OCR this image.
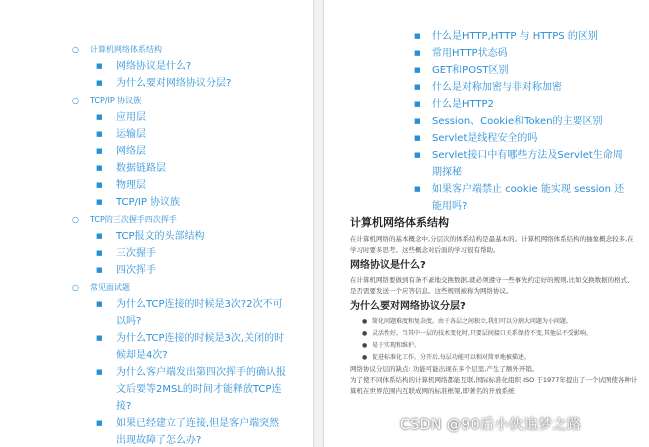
○ 计算机网络体系结构
■ 网络协议是什么?
■ 为什么要对网络协议分层?
○ TCP/IP 协议族
■ 应用层
■ 运输层
■ 网络层
■ 数据链路层
■ 物理层
■ TCP/IP 协议族
○ TCP的三次握手四次挥手
■ TCP报文的头部结构
■ 三次握手
■ 四次挥手
○ 常见面试题
■ 为什么TCP连接的时候是3次?2次不可以吗?
■ 为什么TCP连接的时候是3次,关闭的时候却是4次?
■ 为什么客户端发出第四次挥手的确认报文后要等2MSL的时间才能释放TCP连接?
■ 如果已经建立了连接,但是客户端突然出现故障了怎么办?
■ 什么是HTTP,HTTP 与 HTTPS 的区别
■ 常用HTTP状态码
■ GET和POST区别
■ 什么是对称加密与非对称加密
■ 什么是HTTP2
■ Session、Cookie和Token的主要区别
■ Servlet是线程安全的吗
■ Servlet接口中有哪些方法及Servlet生命周期探秘
■ 如果客户端禁止 cookie 能实现 session 还能用吗?
计算机网络体系结构

在计算机网络的基本概念中,分层次的体系结构是最基本的。计算机网络体系结构的抽象概念较多,在学习时要多思考。这些概念对后面的学习很有帮助。

网络协议是什么?

在计算机网络要做到有条不紊地交换数据,就必须遵守一些事先约定好的规则,比如交换数据的格式、是否需要发送一个应答信息。这些规则被称为网络协议。

为什么要对网络协议分层?
● 简化问题难度和复杂度。由于各层之间独立,我们可以分割大问题为小问题。
● 灵活性好。当其中一层的技术变化时,只要层间接口关系保持不变,其他层不受影响。
● 易于实现和维护。
● 促进标准化工作。分开后,每层功能可以相对简单地被描述。

网络协议分层的缺点: 功能可能出现在多个层里,产生了额外开销。

为了使不同体系结构的计算机网络都能互联,国际标准化组织 ISO 于1977年提出了一个试图使各种计算机在世界范围内互联成网的标准框架,即著名的开放系统

CSDN @90后小伙追梦之路
